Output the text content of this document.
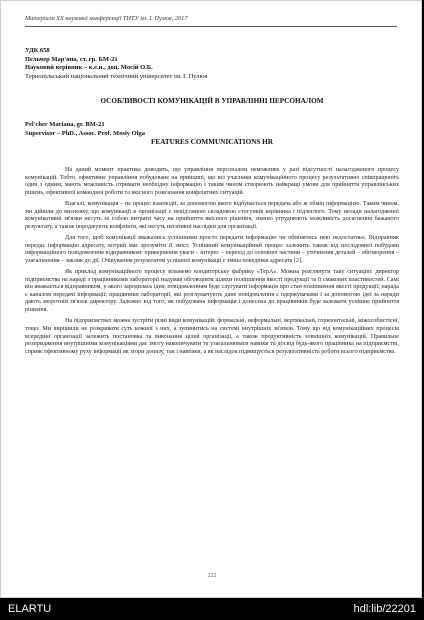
Матеріали XX наукової конференції ТНТУ ім. І. Пулюя, 2017
УДК 658
Пельчер Мар'яна, ст. гр. БМ-21
Науковий керівник – к.е.н., доц. Мосій О.Б.
Тернопільський національний технічний університет ім. І. Пулюя
ОСОБЛИВОСТІ КОМУНІКАЦІЙ В УПРАВЛІННІ ПЕРСОНАЛОМ
Pel'cher Mariana, gr. BM-21
Supervisor – PhD., Assoc. Prof. Mosiy Olga
FEATURES COMMUNICATIONS HR

На даний момент практика доводить, що управління персоналом неможливе у разі відсутності налагодженого процесу комунікацій. Тобто, ефективне управління побудоване на принципі, що всі учасники комунікаційного процесу результативно співпрацюють один з одним, мають можливість отримати необхідну інформацію і таким чином створюють найкращі умови для прийняття управлінських рішень, ефективної командної роботи та якісного розв'язання конфліктних ситуацій.

Взагалі, комунікація – не процес взаємодії, за допомогою якого відбувається передача або ж обмін інформацією. Таким чином, ми дійшли до висновку, що комунікації в організації є невід'ємною складовою стосунків керівника і підлеглого. Тому нелади налагодженої комунікативні зв'язки несуть за собою витрати часу на прийняття якісного рішення, значно утруднюють можливість досягнення бажаного результату, а також породжують конфлікти, які несуть негативні наслідки для організації.

Для того, щоб комунікації вважались успішними просто передати інформацію чи обмінятись нею недостатньо. Відправник передає інформацію адресату, котрий має зрозуміти її зміст. Успішний комунікаційний процес залежить також від послідовної побудови інформаційного повідомлення відправником: привернення уваги – інтерес – перехід до основної частини – уточнення деталей – обговорення – узагальнення – заклик до дії. Очікуваним результатом успішної комунікації є зміна поведінки адресата [2].

Як приклад комунікаційного процесу візьмемо кондитерську фабрику «ТерА». Можна розглянути таку ситуацію: директор підприємства на нараді з працівниками лабораторії надумав обговорити шляхи поліпшення якості продукції та її смакових властивостей. Самі він вважається відправником, у якого зародилась ідея; повідомленням буде слугувати інформація про стан поліпшення якості продукції; нарада є каналом передачі інформації; працівники лабораторії, які розглумачують дане повідомлення є одержувачами і за допомогою ідеї за наради дають зворотній зв'язок директору. Залежно від того, як побудована інформація і донесена до працівників буде залежати успішне прийняття рішення.

На підприємствах можна зустріти різні види комунікацій: формальні, неформальні, вертикальні, горизонтальні, міжособистісні, тощо. Ми вирішили не розкривати суть кожної з них, а зупинитись на системі внутрішніх зв'язків. Тому що від комунікаційних процесів всередині організації залежить постановка та виконання цілей організації, а також продуктивність зовнішніх комунікацій. Правильне розпридження внутрішніми комунікаціями дає змогу накопичувати та узагальнювати навики та досвід будь-якого працівника на підприємстві, сприяє ефективному руху інформації як згори донизу, так і навпаки, а як наслідок підвищується результативність роботи всього підприємства.

222
ELARTU	hdl:lib/22201
